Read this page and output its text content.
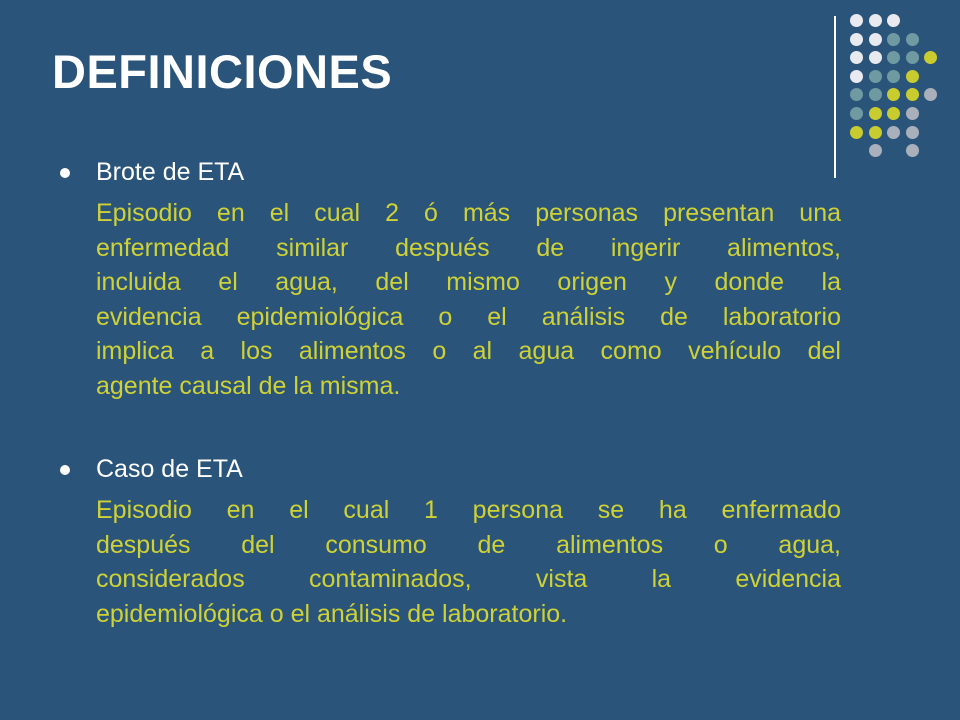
DEFINICIONES

Brote de ETA

Episodio en el cual 2 ó más personas presentan una
enfermedad similar después de ingerir alimentos,
incluida el agua, del mismo origen y donde la
evidencia epidemiológica o el análisis de laboratorio
implica a los alimentos o al agua como vehículo del
agente causal de la misma.

Caso de ETA

Episodio en el cual 1 persona se ha enfermado
después del consumo de alimentos o agua,
considerados contaminados, vista la evidencia
epidemiológica o el análisis de laboratorio.
